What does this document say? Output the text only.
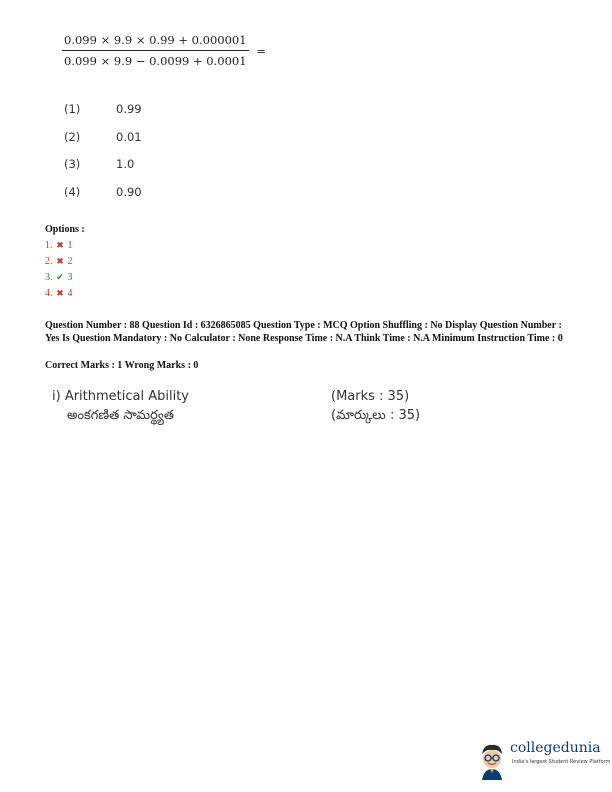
$\frac{0.099 \times 9.9 \times 0.99 + 0.000001}{0.099 \times 9.9 - 0.0099 + 0.0001}$ =
(1)	0.99
(2)	0.01
(3)	1.0
(4)	0.90
Options :
1. ✖ 1
2. ✖ 2
3. ✔ 3
4. ✖ 4
Question Number : 88 Question Id : 6326865085 Question Type : MCQ Option Shuffling : No Display Question Number : Yes Is Question Mandatory : No Calculator : None Response Time : N.A Think Time : N.A Minimum Instruction Time : 0
Correct Marks : 1 Wrong Marks : 0
i) Arithmetical Ability
అంకగణిత సామర్థ్యత
(Marks : 35)
(మార్కులు : 35)
collegedunia
India's largest Student Review Platform
